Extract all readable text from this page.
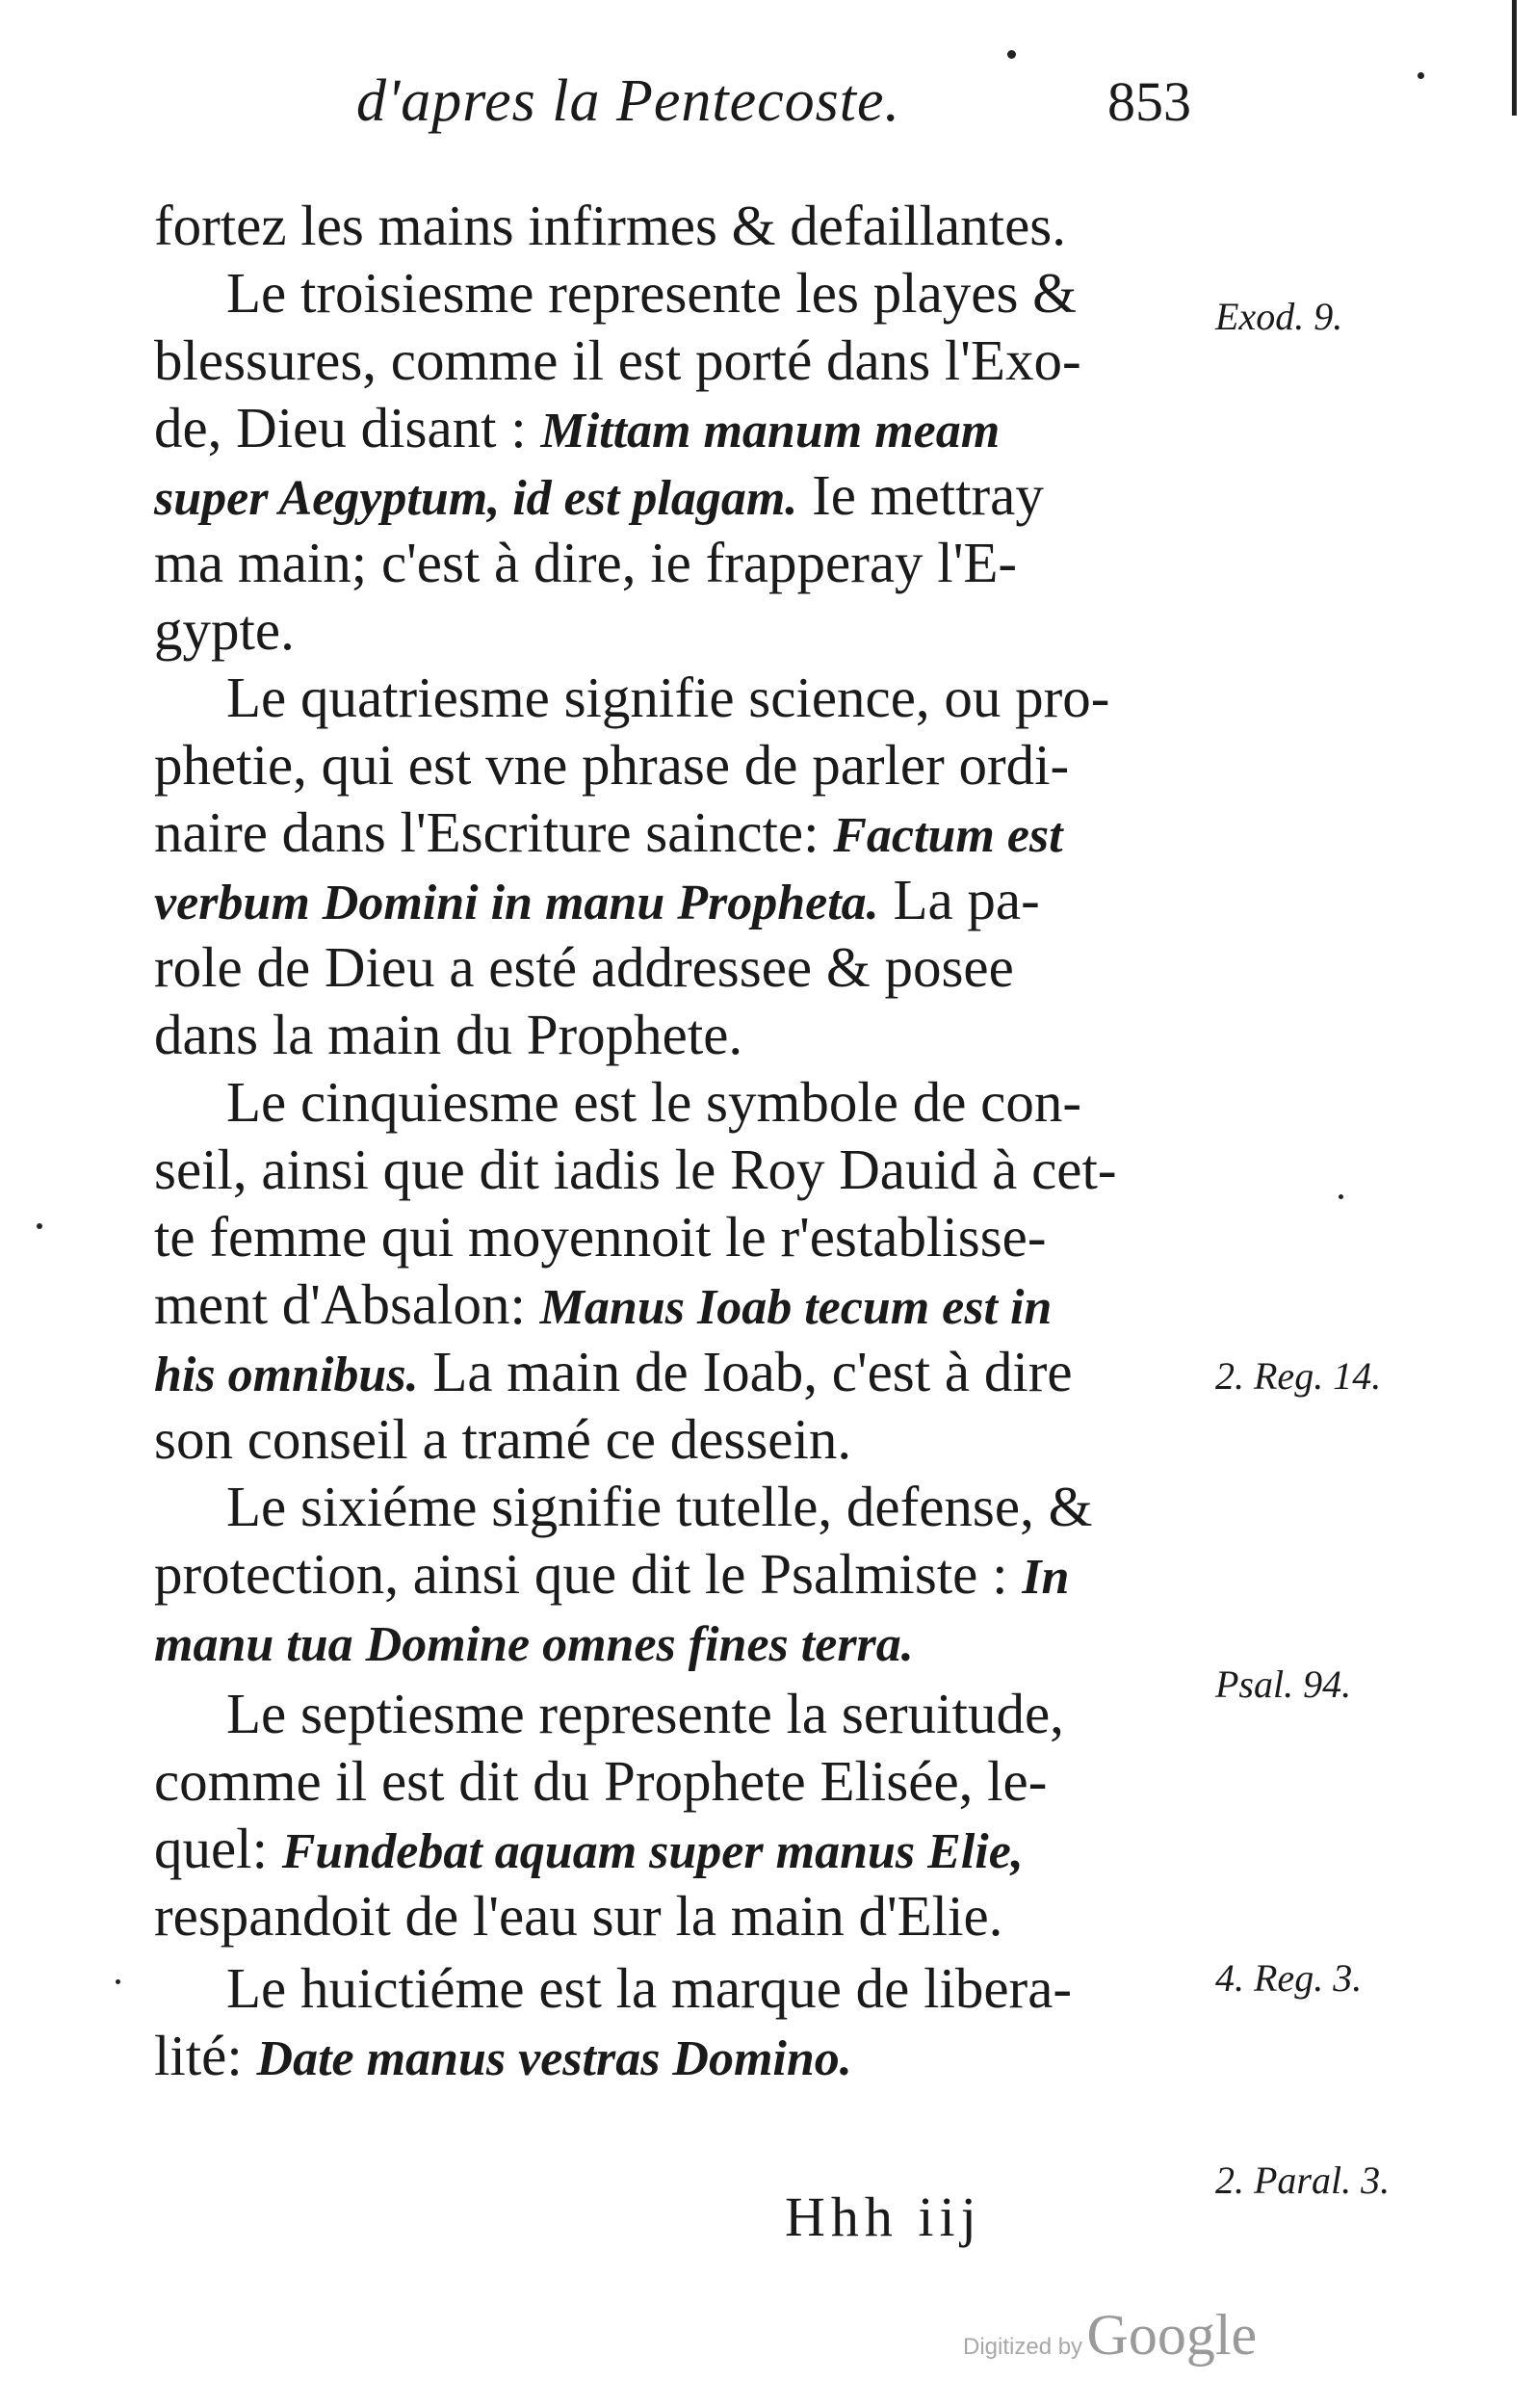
d'apres la Pentecoste.	853
fortez les mains infirmes & defaillantes.
Le troisiesme represente les playes &
blessures, comme il est porté dans l'Exo-
de, Dieu disant : Mittam manum meam
super Aegyptum, id est plagam. Ie mettray
ma main; c'est à dire, ie frapperay l'E-
gypte.
Le quatriesme signifie science, ou pro-
phetie, qui est vne phrase de parler ordi-
naire dans l'Escriture saincte: Factum est
verbum Domini in manu Propheta. La pa-
role de Dieu a esté addressee & posee
dans la main du Prophete.
Le cinquiesme est le symbole de con-
seil, ainsi que dit iadis le Roy Dauid à cet-
te femme qui moyennoit le r'establisse-
ment d'Absalon: Manus Ioab tecum est in
his omnibus. La main de Ioab, c'est à dire
son conseil a tramé ce dessein.
Le sixiéme signifie tutelle, defense, &
protection, ainsi que dit le Psalmiste : In
manu tua Domine omnes fines terra.
Le septiesme represente la seruitude,
comme il est dit du Prophete Elisée, le-
quel: Fundebat aquam super manus Elie,
respandoit de l'eau sur la main d'Elie.
Le huictiéme est la marque de libera-
lité: Date manus vestras Domino.
Exod. 9.
2. Reg. 14.
Psal. 94.
4. Reg. 3.
2. Paral. 3.
Hhh iij
Digitized by Google
